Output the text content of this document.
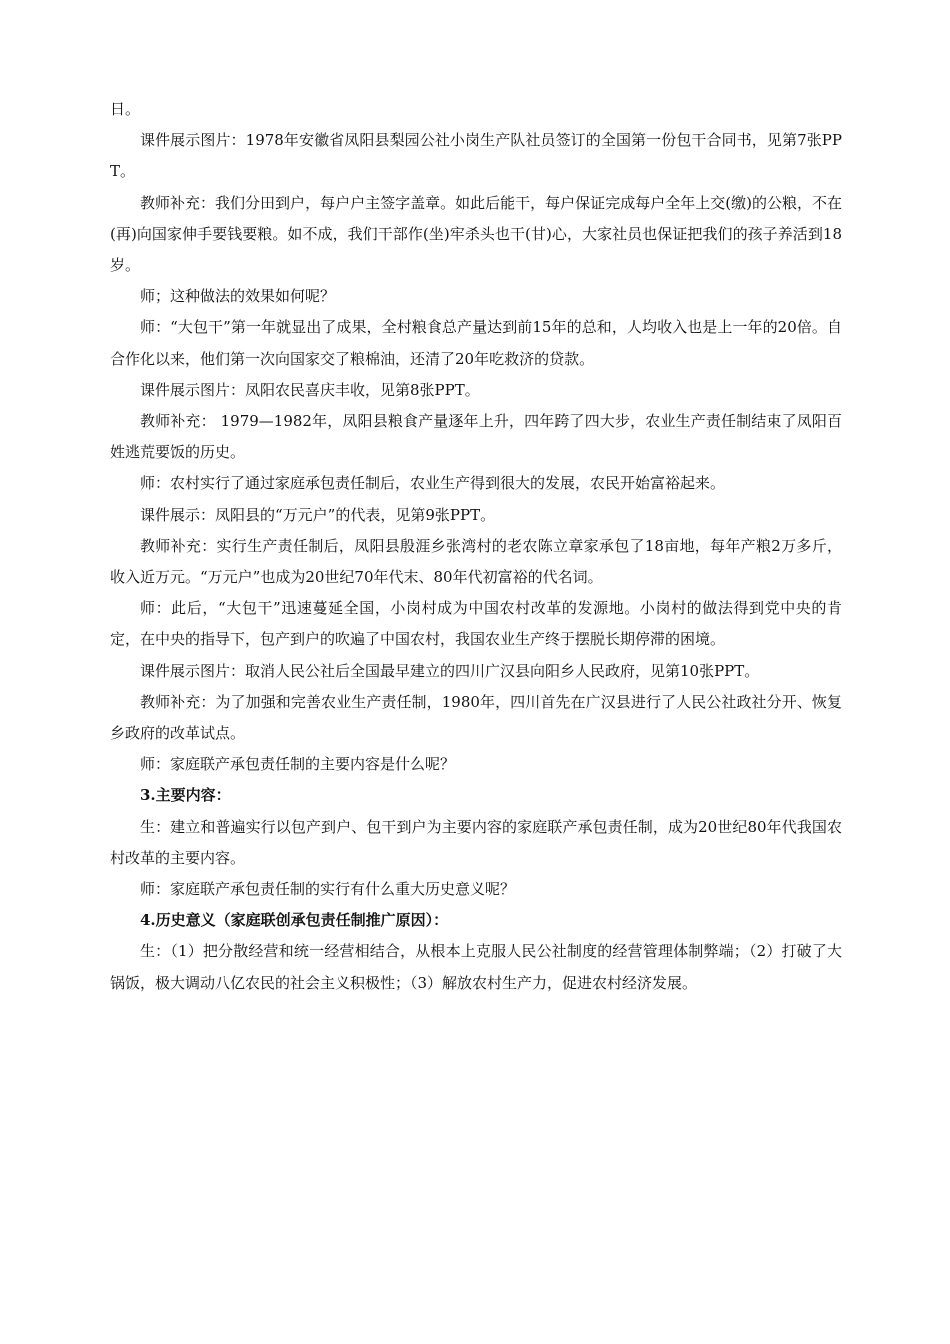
日。

课件展示图片：1978年安徽省凤阳县梨园公社小岗生产队社员签订的全国第一份包干合同书，见第7张PPT。

教师补充：我们分田到户，每户户主签字盖章。如此后能干，每户保证完成每户全年上交(缴)的公粮，不在(再)向国家伸手要钱要粮。如不成，我们干部作(坐)牢杀头也干(甘)心，大家社员也保证把我们的孩子养活到18岁。

师；这种做法的效果如何呢？

师：“大包干”第一年就显出了成果，全村粮食总产量达到前15年的总和，人均收入也是上一年的20倍。自合作化以来，他们第一次向国家交了粮棉油，还清了20年吃救济的贷款。

课件展示图片：凤阳农民喜庆丰收，见第8张PPT。

教师补充： 1979—1982年，凤阳县粮食产量逐年上升，四年跨了四大步，农业生产责任制结束了凤阳百姓逃荒要饭的历史。

师：农村实行了通过家庭承包责任制后，农业生产得到很大的发展，农民开始富裕起来。

课件展示：凤阳县的“万元户”的代表，见第9张PPT。

教师补充：实行生产责任制后，凤阳县殷涯乡张湾村的老农陈立章家承包了18亩地，每年产粮2万多斤，收入近万元。“万元户”也成为20世纪70年代末、80年代初富裕的代名词。

师：此后，“大包干”迅速蔓延全国，小岗村成为中国农村改革的发源地。小岗村的做法得到党中央的肯定，在中央的指导下，包产到户的吹遍了中国农村，我国农业生产终于摆脱长期停滞的困境。

课件展示图片：取消人民公社后全国最早建立的四川广汉县向阳乡人民政府，见第10张PPT。

教师补充：为了加强和完善农业生产责任制，1980年，四川首先在广汉县进行了人民公社政社分开、恢复乡政府的改革试点。

师：家庭联产承包责任制的主要内容是什么呢？

3.主要内容：

生：建立和普遍实行以包产到户、包干到户为主要内容的家庭联产承包责任制，成为20世纪80年代我国农村改革的主要内容。

师：家庭联产承包责任制的实行有什么重大历史意义呢？

4.历史意义（家庭联创承包责任制推广原因）：

生：（1）把分散经营和统一经营相结合，从根本上克服人民公社制度的经营管理体制弊端；（2）打破了大锅饭，极大调动八亿农民的社会主义积极性；（3）解放农村生产力，促进农村经济发展。
